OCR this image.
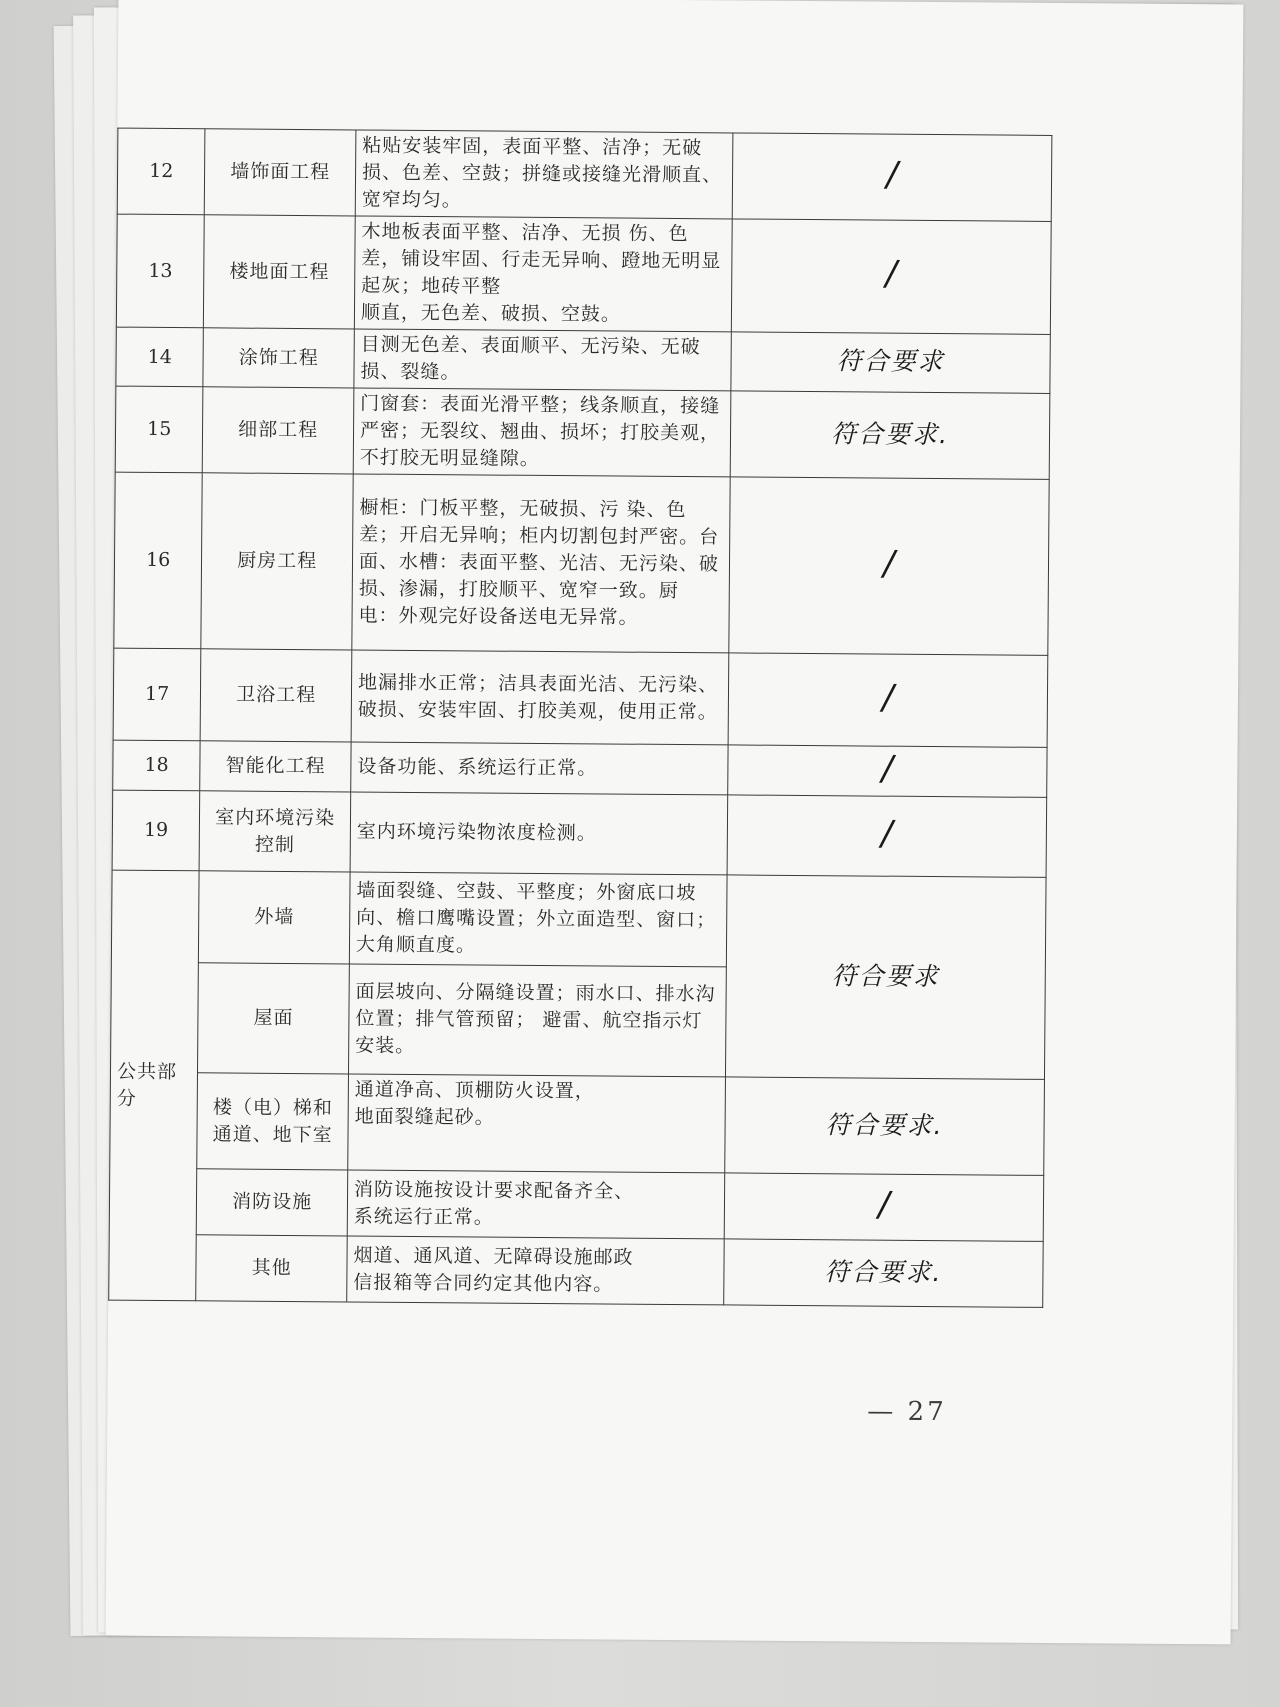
12	墙饰面工程	粘贴安装牢固，表面平整、洁净；无破损、色差、空鼓；拼缝或接缝光滑顺直、宽窄均匀。	/
13	楼地面工程	木地板表面平整、洁净、无损 伤、色差，铺设牢固、行走无异响、蹬地无明显起灰；地砖平整
顺直，无色差、破损、空鼓。	/
14	涂饰工程	目测无色差、表面顺平、无污染、无破损、裂缝。	符合要求
15	细部工程	门窗套：表面光滑平整；线条顺直，接缝严密；无裂纹、翘曲、损坏；打胶美观，不打胶无明显缝隙。	符合要求.
16	厨房工程	橱柜：门板平整，无破损、污 染、色差；开启无异响；柜内切割包封严密。台面、水槽：表面平整、光洁、无污染、破损、渗漏，打胶顺平、宽窄一致。厨
电：外观完好设备送电无异常。	/
17	卫浴工程	地漏排水正常；洁具表面光洁、无污染、破损、安装牢固、打胶美观，使用正常。	/
18	智能化工程	设备功能、系统运行正常。	/
19	室内环境污染控制	室内环境污染物浓度检测。	/
公共部分	外墙	墙面裂缝、空鼓、平整度；外窗底口坡向、檐口鹰嘴设置；外立面造型、窗口；大角顺直度。	符合要求
	屋面	面层坡向、分隔缝设置；雨水口、排水沟位置；排气管预留； 避雷、航空指示灯安装。	
	楼（电）梯和通道、地下室	通道净高、顶棚防火设置，
地面裂缝起砂。	符合要求.
	消防设施	消防设施按设计要求配备齐全、
系统运行正常。	/
	其他	烟道、通风道、无障碍设施邮政
信报箱等合同约定其他内容。	符合要求.
— 27
